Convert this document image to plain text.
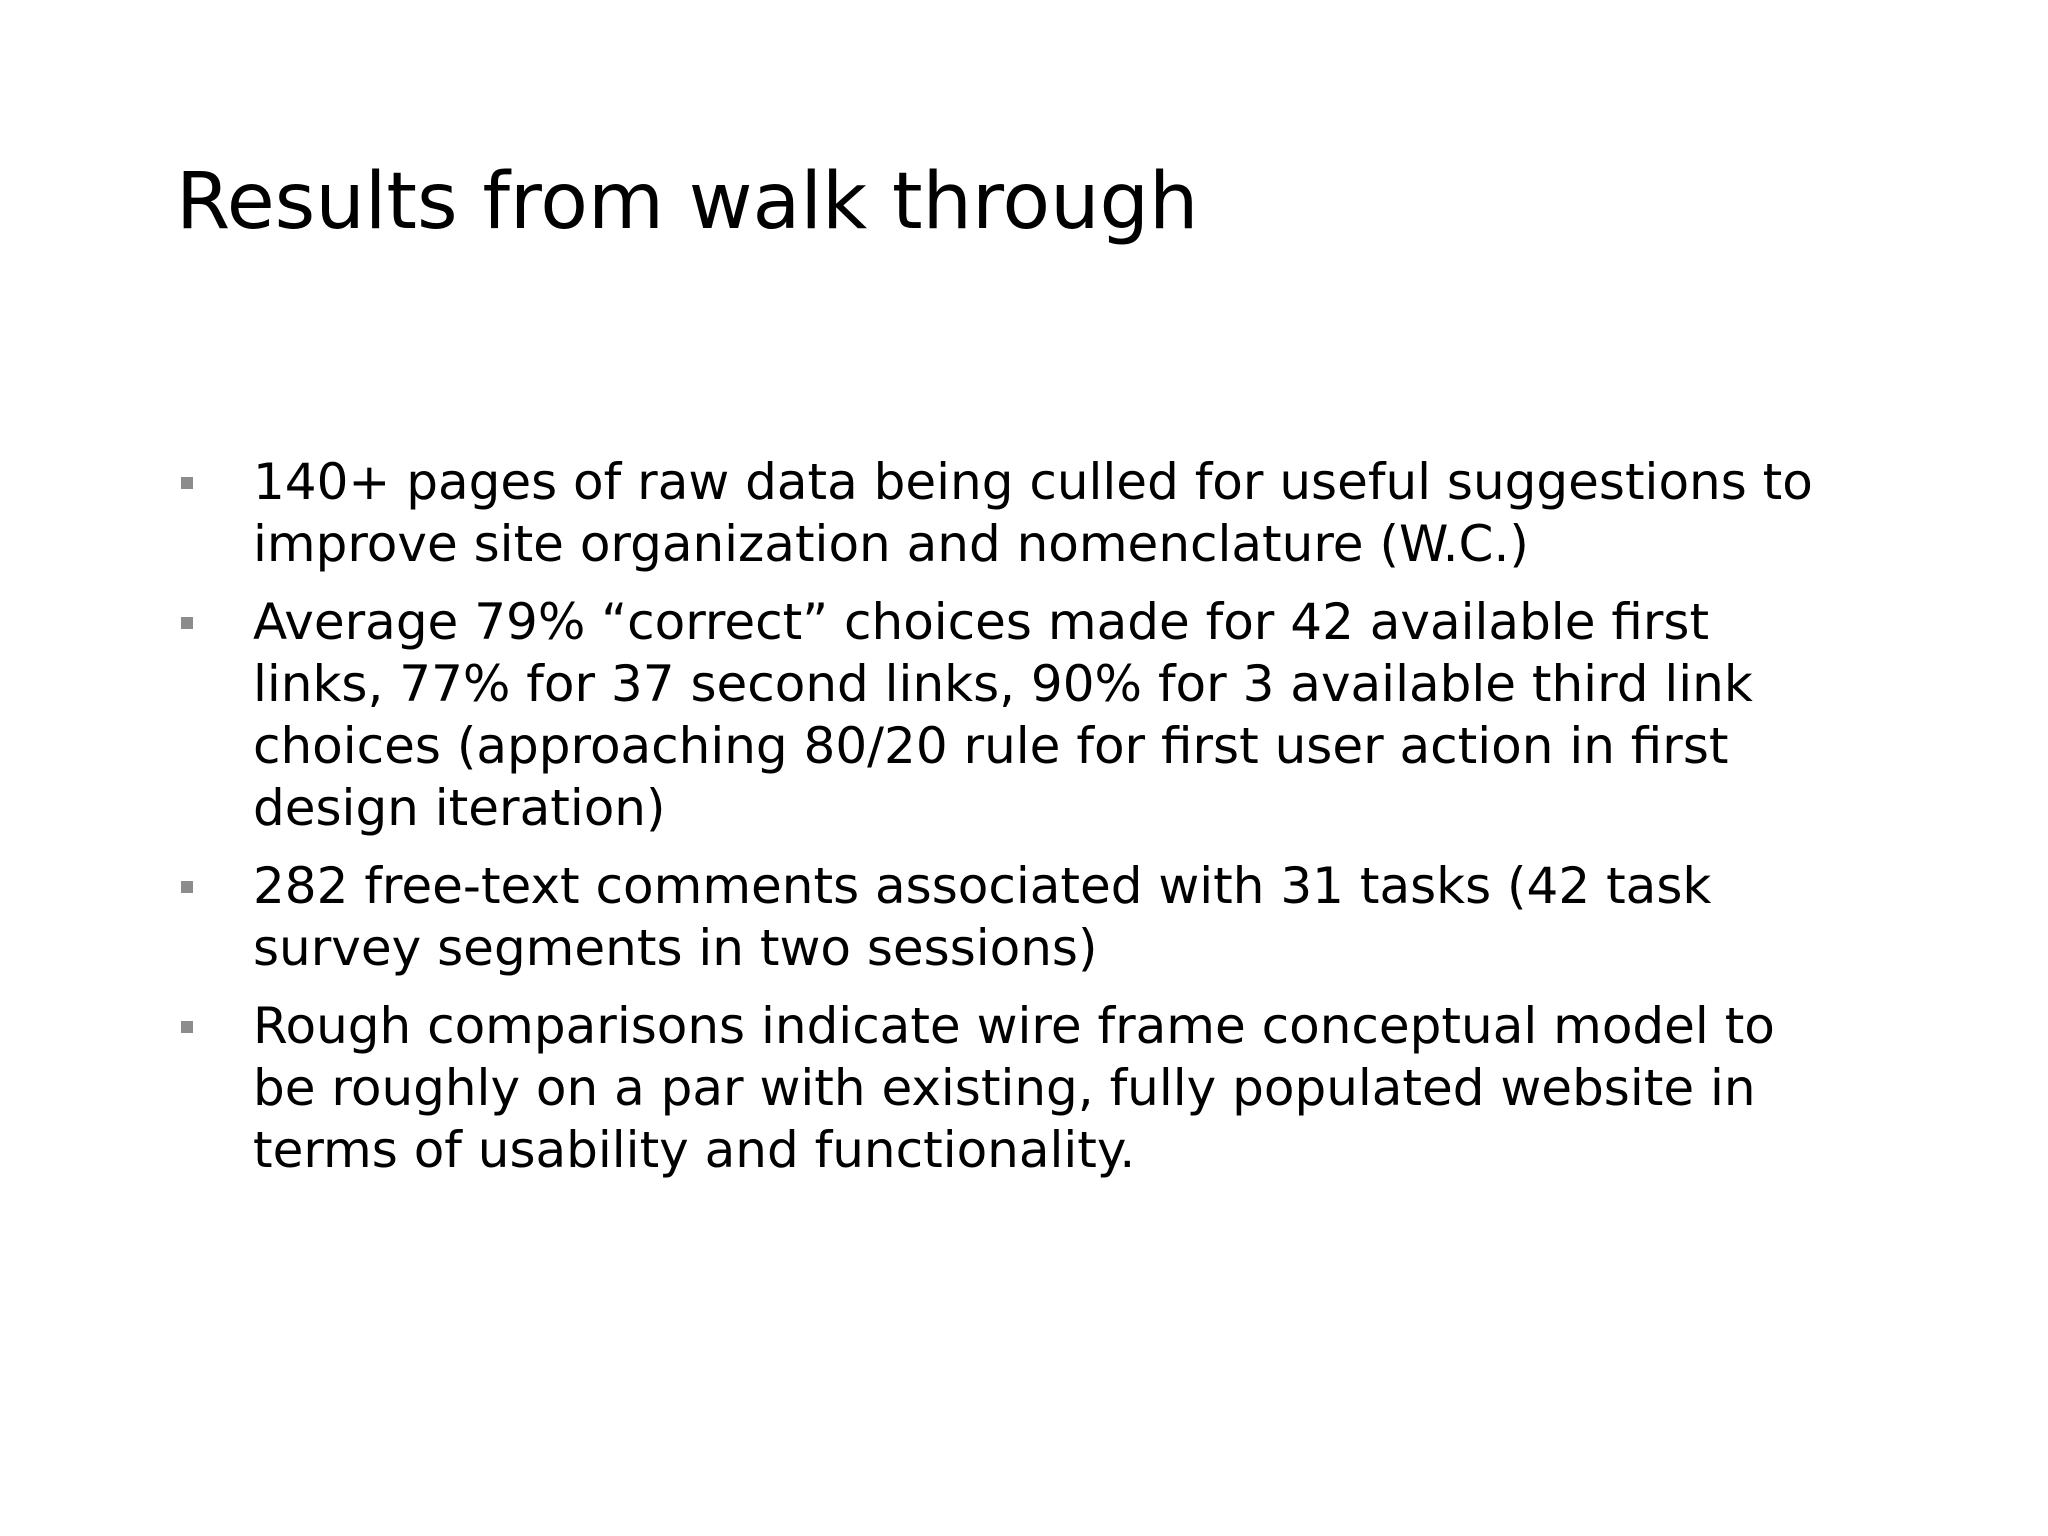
Results from walk through
140+ pages of raw data being culled for useful suggestions to
improve site organization and nomenclature (W.C.)
Average 79% “correct” choices made for 42 available first
links, 77% for 37 second links, 90% for 3 available third link
choices (approaching 80/20 rule for first user action in first
design iteration)
282 free-text comments associated with 31 tasks (42 task
survey segments in two sessions)
Rough comparisons indicate wire frame conceptual model to
be roughly on a par with existing, fully populated website in
terms of usability and functionality.
